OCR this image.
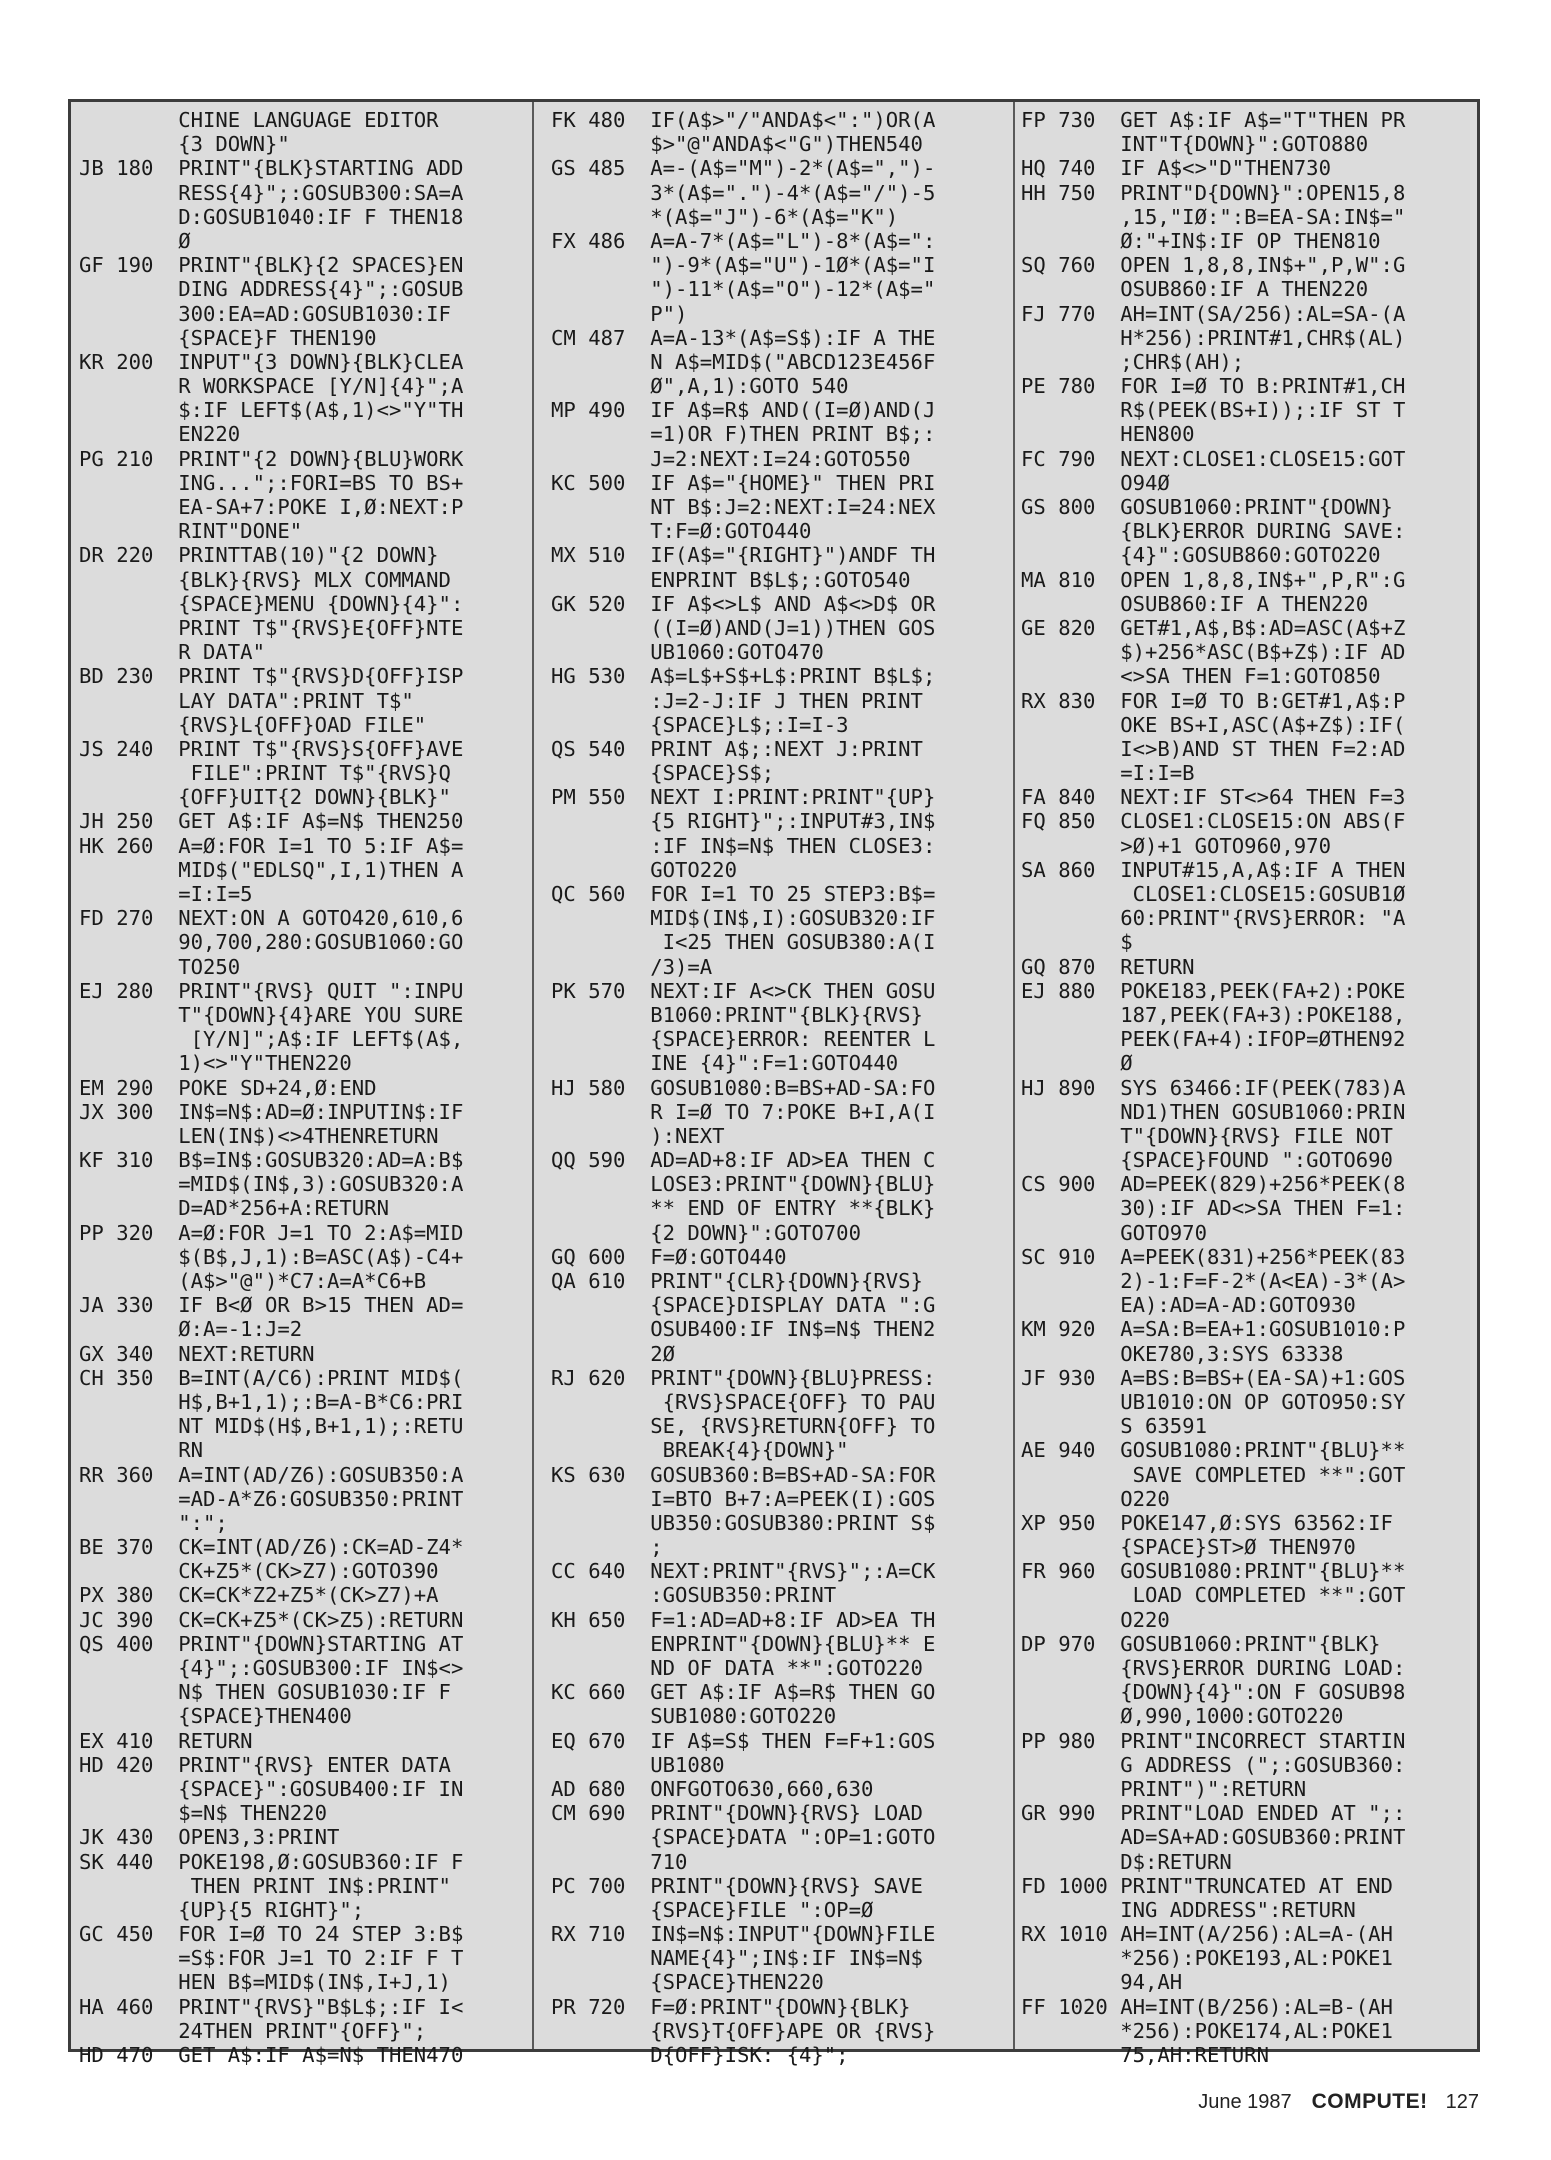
CHINE LANGUAGE EDITOR
{3 DOWN}"
JB 180  PRINT"{BLK}STARTING ADD
RESS{4}";:GOSUB300:SA=A
D:GOSUB1040:IF F THEN18
Ø
GF 190  PRINT"{BLK}{2 SPACES}EN
DING ADDRESS{4}";:GOSUB
300:EA=AD:GOSUB1030:IF
{SPACE}F THEN190
KR 200  INPUT"{3 DOWN}{BLK}CLEA
R WORKSPACE [Y/N]{4}";A
$:IF LEFT$(A$,1)<>"Y"TH
EN220
PG 210  PRINT"{2 DOWN}{BLU}WORK
ING...";:FORI=BS TO BS+
EA-SA+7:POKE I,Ø:NEXT:P
RINT"DONE"
DR 220  PRINTTAB(10)"{2 DOWN}
{BLK}{RVS} MLX COMMAND
{SPACE}MENU {DOWN}{4}":
PRINT T$"{RVS}E{OFF}NTE
R DATA"
BD 230  PRINT T$"{RVS}D{OFF}ISP
LAY DATA":PRINT T$"
{RVS}L{OFF}OAD FILE"
JS 240  PRINT T$"{RVS}S{OFF}AVE
FILE":PRINT T$"{RVS}Q
{OFF}UIT{2 DOWN}{BLK}"
JH 250  GET A$:IF A$=N$ THEN250
HK 260  A=Ø:FOR I=1 TO 5:IF A$=
MID$("EDLSQ",I,1)THEN A
=I:I=5
FD 270  NEXT:ON A GOTO420,610,6
90,700,280:GOSUB1060:GO
TO250
EJ 280  PRINT"{RVS} QUIT ":INPU
T"{DOWN}{4}ARE YOU SURE
[Y/N]";A$:IF LEFT$(A$,
1)<>"Y"THEN220
EM 290  POKE SD+24,Ø:END
JX 300  IN$=N$:AD=Ø:INPUTIN$:IF
LEN(IN$)<>4THENRETURN
KF 310  B$=IN$:GOSUB320:AD=A:B$
=MID$(IN$,3):GOSUB320:A
D=AD*256+A:RETURN
PP 320  A=Ø:FOR J=1 TO 2:A$=MID
$(B$,J,1):B=ASC(A$)-C4+
(A$>"@")*C7:A=A*C6+B
JA 330  IF B<Ø OR B>15 THEN AD=
Ø:A=-1:J=2
GX 340  NEXT:RETURN
CH 350  B=INT(A/C6):PRINT MID$(
H$,B+1,1);:B=A-B*C6:PRI
NT MID$(H$,B+1,1);:RETU
RN
RR 360  A=INT(AD/Z6):GOSUB350:A
=AD-A*Z6:GOSUB350:PRINT
":";
BE 370  CK=INT(AD/Z6):CK=AD-Z4*
CK+Z5*(CK>Z7):GOTO390
PX 380  CK=CK*Z2+Z5*(CK>Z7)+A
JC 390  CK=CK+Z5*(CK>Z5):RETURN
QS 400  PRINT"{DOWN}STARTING AT
{4}";:GOSUB300:IF IN$<>
N$ THEN GOSUB1030:IF F
{SPACE}THEN400
EX 410  RETURN
HD 420  PRINT"{RVS} ENTER DATA
{SPACE}":GOSUB400:IF IN
$=N$ THEN220
JK 430  OPEN3,3:PRINT
SK 440  POKE198,Ø:GOSUB360:IF F
THEN PRINT IN$:PRINT"
{UP}{5 RIGHT}";
GC 450  FOR I=Ø TO 24 STEP 3:B$
=S$:FOR J=1 TO 2:IF F T
HEN B$=MID$(IN$,I+J,1)
HA 460  PRINT"{RVS}"B$L$;:IF I<
24THEN PRINT"{OFF}";
HD 470  GET A$:IF A$=N$ THEN470
FK 480  IF(A$>"/"ANDA$<":")OR(A
$>"@"ANDA$<"G")THEN540
GS 485  A=-(A$="M")-2*(A$=",")-
3*(A$=".")-4*(A$="/")-5
*(A$="J")-6*(A$="K")
FX 486  A=A-7*(A$="L")-8*(A$=":
")-9*(A$="U")-1Ø*(A$="I
")-11*(A$="O")-12*(A$="
P")
CM 487  A=A-13*(A$=S$):IF A THE
N A$=MID$("ABCD123E456F
Ø",A,1):GOTO 540
MP 490  IF A$=R$ AND((I=Ø)AND(J
=1)OR F)THEN PRINT B$;:
J=2:NEXT:I=24:GOTO550
KC 500  IF A$="{HOME}" THEN PRI
NT B$:J=2:NEXT:I=24:NEX
T:F=Ø:GOTO440
MX 510  IF(A$="{RIGHT}")ANDF TH
ENPRINT B$L$;:GOTO540
GK 520  IF A$<>L$ AND A$<>D$ OR
((I=Ø)AND(J=1))THEN GOS
UB1060:GOTO470
HG 530  A$=L$+S$+L$:PRINT B$L$;
:J=2-J:IF J THEN PRINT
{SPACE}L$;:I=I-3
QS 540  PRINT A$;:NEXT J:PRINT
{SPACE}S$;
PM 550  NEXT I:PRINT:PRINT"{UP}
{5 RIGHT}";:INPUT#3,IN$
:IF IN$=N$ THEN CLOSE3:
GOTO220
QC 560  FOR I=1 TO 25 STEP3:B$=
MID$(IN$,I):GOSUB320:IF
I<25 THEN GOSUB380:A(I
/3)=A
PK 570  NEXT:IF A<>CK THEN GOSU
B1060:PRINT"{BLK}{RVS}
{SPACE}ERROR: REENTER L
INE {4}":F=1:GOTO440
HJ 580  GOSUB1080:B=BS+AD-SA:FO
R I=Ø TO 7:POKE B+I,A(I
):NEXT
QQ 590  AD=AD+8:IF AD>EA THEN C
LOSE3:PRINT"{DOWN}{BLU}
** END OF ENTRY **{BLK}
{2 DOWN}":GOTO700
GQ 600  F=Ø:GOTO440
QA 610  PRINT"{CLR}{DOWN}{RVS}
{SPACE}DISPLAY DATA ":G
OSUB400:IF IN$=N$ THEN2
2Ø
RJ 620  PRINT"{DOWN}{BLU}PRESS:
{RVS}SPACE{OFF} TO PAU
SE, {RVS}RETURN{OFF} TO
BREAK{4}{DOWN}"
KS 630  GOSUB360:B=BS+AD-SA:FOR
I=BTO B+7:A=PEEK(I):GOS
UB350:GOSUB380:PRINT S$
;
CC 640  NEXT:PRINT"{RVS}";:A=CK
:GOSUB350:PRINT
KH 650  F=1:AD=AD+8:IF AD>EA TH
ENPRINT"{DOWN}{BLU}** E
ND OF DATA **":GOTO220
KC 660  GET A$:IF A$=R$ THEN GO
SUB1080:GOTO220
EQ 670  IF A$=S$ THEN F=F+1:GOS
UB1080
AD 680  ONFGOTO630,660,630
CM 690  PRINT"{DOWN}{RVS} LOAD
{SPACE}DATA ":OP=1:GOTO
710
PC 700  PRINT"{DOWN}{RVS} SAVE
{SPACE}FILE ":OP=Ø
RX 710  IN$=N$:INPUT"{DOWN}FILE
NAME{4}";IN$:IF IN$=N$
{SPACE}THEN220
PR 720  F=Ø:PRINT"{DOWN}{BLK}
{RVS}T{OFF}APE OR {RVS}
D{OFF}ISK: {4}";
FP 730  GET A$:IF A$="T"THEN PR
INT"T{DOWN}":GOTO880
HQ 740  IF A$<>"D"THEN730
HH 750  PRINT"D{DOWN}":OPEN15,8
,15,"IØ:":B=EA-SA:IN$="
Ø:"+IN$:IF OP THEN810
SQ 760  OPEN 1,8,8,IN$+",P,W":G
OSUB860:IF A THEN220
FJ 770  AH=INT(SA/256):AL=SA-(A
H*256):PRINT#1,CHR$(AL)
;CHR$(AH);
PE 780  FOR I=Ø TO B:PRINT#1,CH
R$(PEEK(BS+I));:IF ST T
HEN800
FC 790  NEXT:CLOSE1:CLOSE15:GOT
O94Ø
GS 800  GOSUB1060:PRINT"{DOWN}
{BLK}ERROR DURING SAVE:
{4}":GOSUB860:GOTO220
MA 810  OPEN 1,8,8,IN$+",P,R":G
OSUB860:IF A THEN220
GE 820  GET#1,A$,B$:AD=ASC(A$+Z
$)+256*ASC(B$+Z$):IF AD
<>SA THEN F=1:GOTO850
RX 830  FOR I=Ø TO B:GET#1,A$:P
OKE BS+I,ASC(A$+Z$):IF(
I<>B)AND ST THEN F=2:AD
=I:I=B
FA 840  NEXT:IF ST<>64 THEN F=3
FQ 850  CLOSE1:CLOSE15:ON ABS(F
>Ø)+1 GOTO960,970
SA 860  INPUT#15,A,A$:IF A THEN
CLOSE1:CLOSE15:GOSUB1Ø
60:PRINT"{RVS}ERROR: "A
$
GQ 870  RETURN
EJ 880  POKE183,PEEK(FA+2):POKE
187,PEEK(FA+3):POKE188,
PEEK(FA+4):IFOP=ØTHEN92
Ø
HJ 890  SYS 63466:IF(PEEK(783)A
ND1)THEN GOSUB1060:PRIN
T"{DOWN}{RVS} FILE NOT
{SPACE}FOUND ":GOTO690
CS 900  AD=PEEK(829)+256*PEEK(8
30):IF AD<>SA THEN F=1:
GOTO970
SC 910  A=PEEK(831)+256*PEEK(83
2)-1:F=F-2*(A<EA)-3*(A>
EA):AD=A-AD:GOTO930
KM 920  A=SA:B=EA+1:GOSUB1010:P
OKE780,3:SYS 63338
JF 930  A=BS:B=BS+(EA-SA)+1:GOS
UB1010:ON OP GOTO950:SY
S 63591
AE 940  GOSUB1080:PRINT"{BLU}**
SAVE COMPLETED **":GOT
O220
XP 950  POKE147,Ø:SYS 63562:IF
{SPACE}ST>Ø THEN970
FR 960  GOSUB1080:PRINT"{BLU}**
LOAD COMPLETED **":GOT
O220
DP 970  GOSUB1060:PRINT"{BLK}
{RVS}ERROR DURING LOAD:
{DOWN}{4}":ON F GOSUB98
Ø,990,1000:GOTO220
PP 980  PRINT"INCORRECT STARTIN
G ADDRESS (";:GOSUB360:
PRINT")":RETURN
GR 990  PRINT"LOAD ENDED AT ";:
AD=SA+AD:GOSUB360:PRINT
D$:RETURN
FD 1000 PRINT"TRUNCATED AT END
ING ADDRESS":RETURN
RX 1010 AH=INT(A/256):AL=A-(AH
*256):POKE193,AL:POKE1
94,AH
FF 1020 AH=INT(B/256):AL=B-(AH
*256):POKE174,AL:POKE1
75,AH:RETURN
June 1987 COMPUTE! 127
